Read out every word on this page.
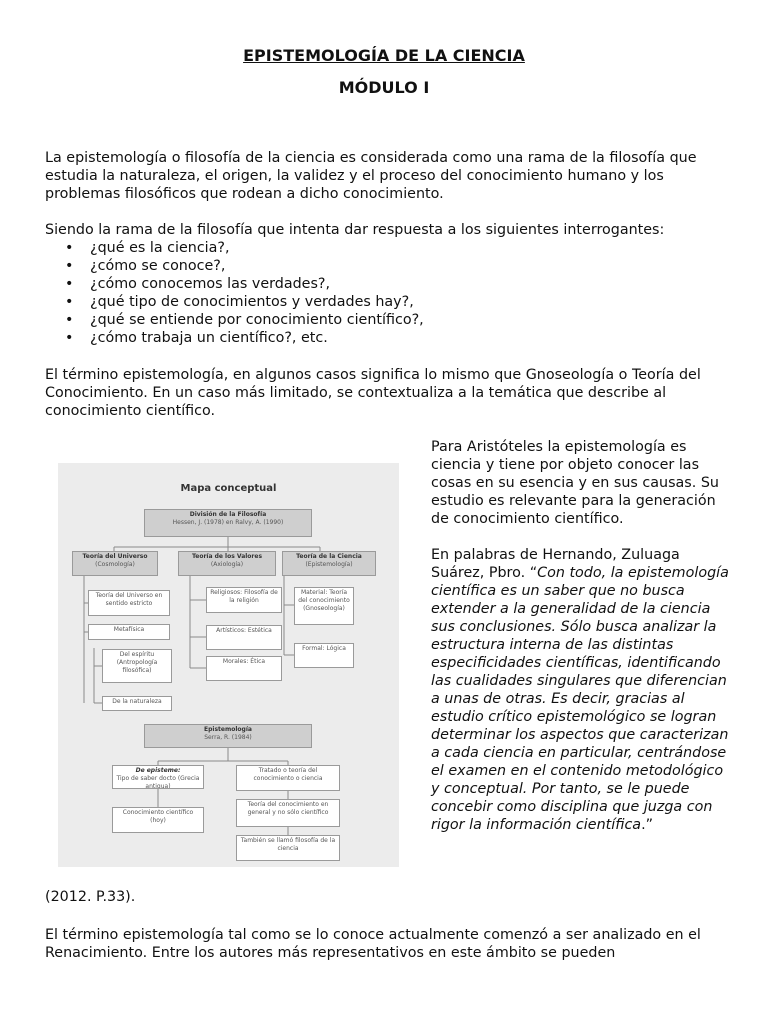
EPISTEMOLOGÍA DE LA CIENCIA
MÓDULO I

La epistemología o filosofía de la ciencia es considerada como una rama de la filosofía que estudia la naturaleza, el origen, la validez y el proceso del conocimiento humano y los problemas filosóficos que rodean a dicho conocimiento.

Siendo la rama de la filosofía que intenta dar respuesta a los siguientes interrogantes:

• ¿qué es la ciencia?,
• ¿cómo se conoce?,
• ¿cómo conocemos las verdades?,
• ¿qué tipo de conocimientos y verdades hay?,
• ¿qué se entiende por conocimiento científico?,
• ¿cómo trabaja un científico?, etc.

El término epistemología, en algunos casos significa lo mismo que Gnoseología o Teoría del Conocimiento. En un caso más limitado, se contextualiza a la temática que describe al conocimiento científico.

Para Aristóteles la epistemología es ciencia y tiene por objeto conocer las cosas en su esencia y en sus causas. Su estudio es relevante para la generación de conocimiento científico.

En palabras de Hernando, Zuluaga Suárez, Pbro. “Con todo, la epistemología científica es un saber que no busca extender a la generalidad de la ciencia sus conclusiones. Sólo busca analizar la estructura interna de las distintas especificidades científicas, identificando las cualidades singulares que diferencian a unas de otras. Es decir, gracias al estudio crítico epistemológico se logran determinar los aspectos que caracterizan a cada ciencia en particular, centrándose el examen en el contenido metodológico y conceptual. Por tanto, se le puede concebir como disciplina que juzga con rigor la información científica.”

Mapa conceptual
División de la Filosofía
Hessen, J. (1978) en Ralvy, A. (1990)
Teoría del Universo
(Cosmología)
Teoría de los Valores
(Axiología)
Teoría de la Ciencia
(Epistemología)
Teoría del Universo en sentido estricto
Metafísica
Del espíritu (Antropología filosófica)
De la naturaleza
Religiosos: Filosofía de la religión
Artísticos: Estética
Morales: Ética
Material: Teoría del conocimiento (Gnoseología)
Formal: Lógica
Epistemología
Serra, R. (1984)
De episteme:
Tipo de saber docto (Grecia antigua)
Conocimiento científico (hoy)
Tratado o teoría del conocimiento o ciencia
Teoría del conocimiento en general y no sólo científico
También se llamó filosofía de la ciencia

(2012. P.33).

El término epistemología tal como se lo conoce actualmente comenzó a ser analizado en el Renacimiento. Entre los autores más representativos en este ámbito se pueden
